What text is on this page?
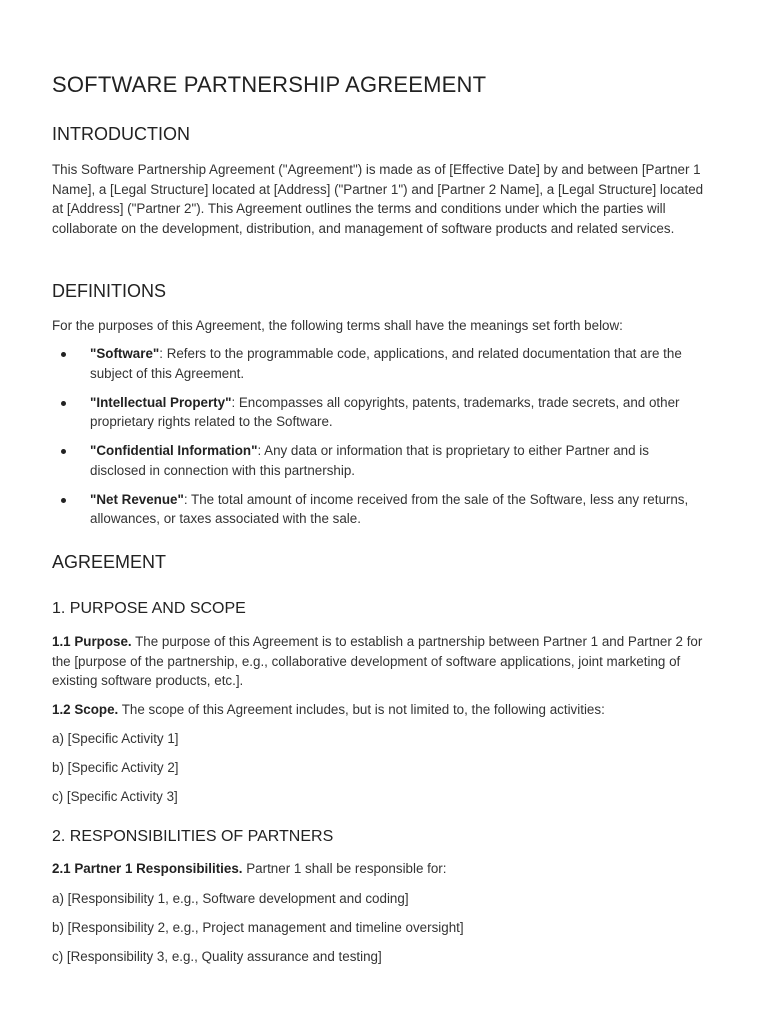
SOFTWARE PARTNERSHIP AGREEMENT
INTRODUCTION

This Software Partnership Agreement ("Agreement") is made as of [Effective Date] by and between [Partner 1 Name], a [Legal Structure] located at [Address] ("Partner 1") and [Partner 2 Name], a [Legal Structure] located at [Address] ("Partner 2"). This Agreement outlines the terms and conditions under which the parties will collaborate on the development, distribution, and management of software products and related services.

DEFINITIONS

For the purposes of this Agreement, the following terms shall have the meanings set forth below:

"Software": Refers to the programmable code, applications, and related documentation that are the subject of this Agreement.
"Intellectual Property": Encompasses all copyrights, patents, trademarks, trade secrets, and other proprietary rights related to the Software.
"Confidential Information": Any data or information that is proprietary to either Partner and is disclosed in connection with this partnership.
"Net Revenue": The total amount of income received from the sale of the Software, less any returns, allowances, or taxes associated with the sale.
AGREEMENT
1. PURPOSE AND SCOPE

1.1 Purpose. The purpose of this Agreement is to establish a partnership between Partner 1 and Partner 2 for the [purpose of the partnership, e.g., collaborative development of software applications, joint marketing of existing software products, etc.].

1.2 Scope. The scope of this Agreement includes, but is not limited to, the following activities:

a) [Specific Activity 1]

b) [Specific Activity 2]

c) [Specific Activity 3]

2. RESPONSIBILITIES OF PARTNERS

2.1 Partner 1 Responsibilities. Partner 1 shall be responsible for:

a) [Responsibility 1, e.g., Software development and coding]

b) [Responsibility 2, e.g., Project management and timeline oversight]

c) [Responsibility 3, e.g., Quality assurance and testing]
